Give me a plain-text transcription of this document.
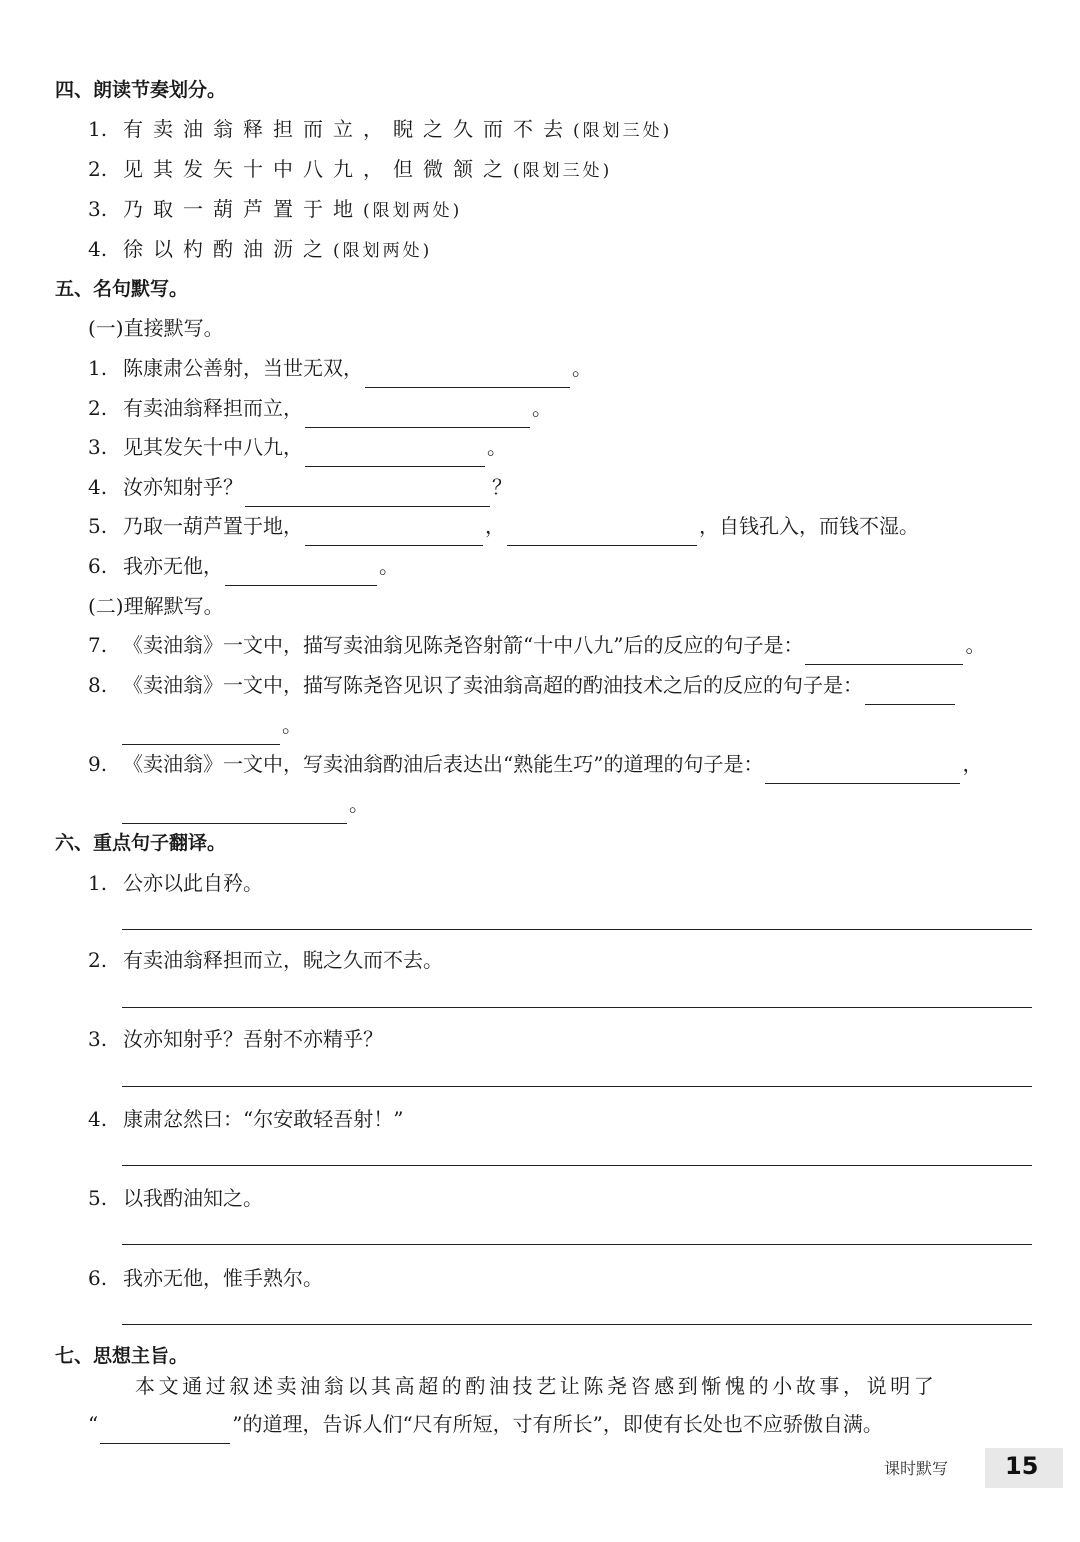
四、朗读节奏划分。
1. 有卖油翁释担而立，睨之久而不去(限划三处)
2. 见其发矢十中八九，但微颔之(限划三处)
3. 乃取一葫芦置于地(限划两处)
4. 徐以杓酌油沥之(限划两处)
五、名句默写。
(一)直接默写。
1. 陈康肃公善射，当世无双，	。
2. 有卖油翁释担而立，	。
3. 见其发矢十中八九，	。
4. 汝亦知射乎？	？
5. 乃取一葫芦置于地，	，	，自钱孔入，而钱不湿。
6. 我亦无他，	。
(二)理解默写。
7. 《卖油翁》一文中，描写卖油翁见陈尧咨射箭“十中八九”后的反应的句子是：	。
8. 《卖油翁》一文中，描写陈尧咨见识了卖油翁高超的酌油技术之后的反应的句子是：
。
9. 《卖油翁》一文中，写卖油翁酌油后表达出“熟能生巧”的道理的句子是：	，
。
六、重点句子翻译。
1. 公亦以此自矜。
2. 有卖油翁释担而立，睨之久而不去。
3. 汝亦知射乎？吾射不亦精乎？
4. 康肃忿然曰：“尔安敢轻吾射！”
5. 以我酌油知之。
6. 我亦无他，惟手熟尔。
七、思想主旨。
本文通过叙述卖油翁以其高超的酌油技艺让陈尧咨感到惭愧的小故事，说明了
“	”的道理，告诉人们“尺有所短，寸有所长”，即使有长处也不应骄傲自满。
课时默写 15
